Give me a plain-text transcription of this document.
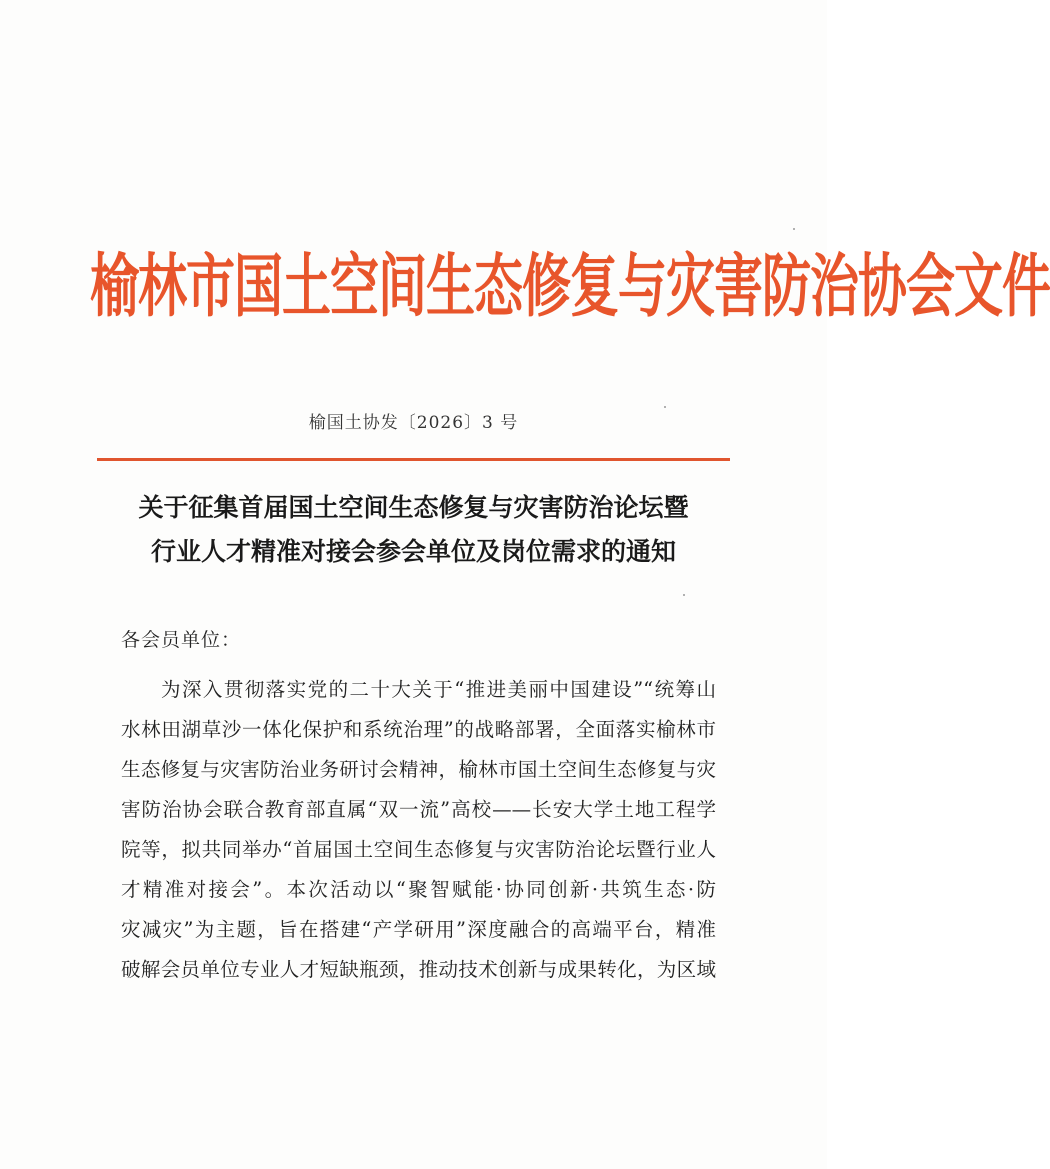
榆林市国土空间生态修复与灾害防治协会文件
榆国土协发〔2026〕3 号
关于征集首届国土空间生态修复与灾害防治论坛暨
行业人才精准对接会参会单位及岗位需求的通知
各会员单位：
为深入贯彻落实党的二十大关于“推进美丽中国建设”“统筹山
水林田湖草沙一体化保护和系统治理”的战略部署，全面落实榆林市
生态修复与灾害防治业务研讨会精神，榆林市国土空间生态修复与灾
害防治协会联合教育部直属“双一流”高校——长安大学土地工程学
院等，拟共同举办“首届国土空间生态修复与灾害防治论坛暨行业人
才精准对接会”。本次活动以“聚智赋能·协同创新·共筑生态·防
灾减灾”为主题，旨在搭建“产学研用”深度融合的高端平台，精准
破解会员单位专业人才短缺瓶颈，推动技术创新与成果转化，为区域
